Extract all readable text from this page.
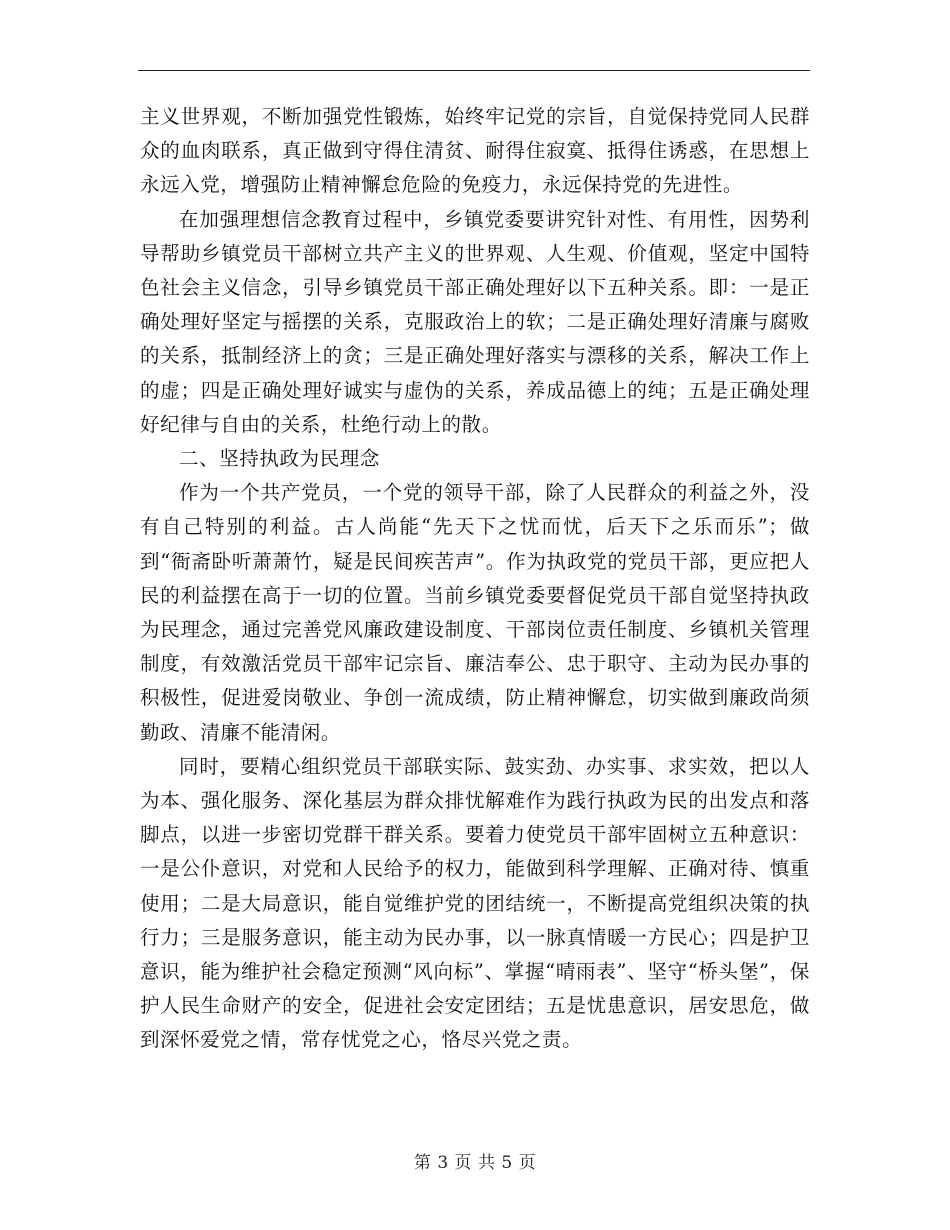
主义世界观，不断加强党性锻炼，始终牢记党的宗旨，自觉保持党同人民群众的血肉联系，真正做到守得住清贫、耐得住寂寞、抵得住诱惑，在思想上永远入党，增强防止精神懈怠危险的免疫力，永远保持党的先进性。

在加强理想信念教育过程中，乡镇党委要讲究针对性、有用性，因势利导帮助乡镇党员干部树立共产主义的世界观、人生观、价值观，坚定中国特色社会主义信念，引导乡镇党员干部正确处理好以下五种关系。即：一是正确处理好坚定与摇摆的关系，克服政治上的软；二是正确处理好清廉与腐败的关系，抵制经济上的贪；三是正确处理好落实与漂移的关系，解决工作上的虚；四是正确处理好诚实与虚伪的关系，养成品德上的纯；五是正确处理好纪律与自由的关系，杜绝行动上的散。

二、坚持执政为民理念

作为一个共产党员，一个党的领导干部，除了人民群众的利益之外，没有自己特别的利益。古人尚能“先天下之忧而忧，后天下之乐而乐”；做到“衙斋卧听萧萧竹，疑是民间疾苦声”。作为执政党的党员干部，更应把人民的利益摆在高于一切的位置。当前乡镇党委要督促党员干部自觉坚持执政为民理念，通过完善党风廉政建设制度、干部岗位责任制度、乡镇机关管理制度，有效激活党员干部牢记宗旨、廉洁奉公、忠于职守、主动为民办事的积极性，促进爱岗敬业、争创一流成绩，防止精神懈怠，切实做到廉政尚须勤政、清廉不能清闲。

同时，要精心组织党员干部联实际、鼓实劲、办实事、求实效，把以人为本、强化服务、深化基层为群众排忧解难作为践行执政为民的出发点和落脚点，以进一步密切党群干群关系。要着力使党员干部牢固树立五种意识：一是公仆意识，对党和人民给予的权力，能做到科学理解、正确对待、慎重使用；二是大局意识，能自觉维护党的团结统一，不断提高党组织决策的执行力；三是服务意识，能主动为民办事，以一脉真情暖一方民心；四是护卫意识，能为维护社会稳定预测“风向标”、掌握“晴雨表”、坚守“桥头堡”，保护人民生命财产的安全，促进社会安定团结；五是忧患意识，居安思危，做到深怀爱党之情，常存忧党之心，恪尽兴党之责。

第 3 页 共 5 页
